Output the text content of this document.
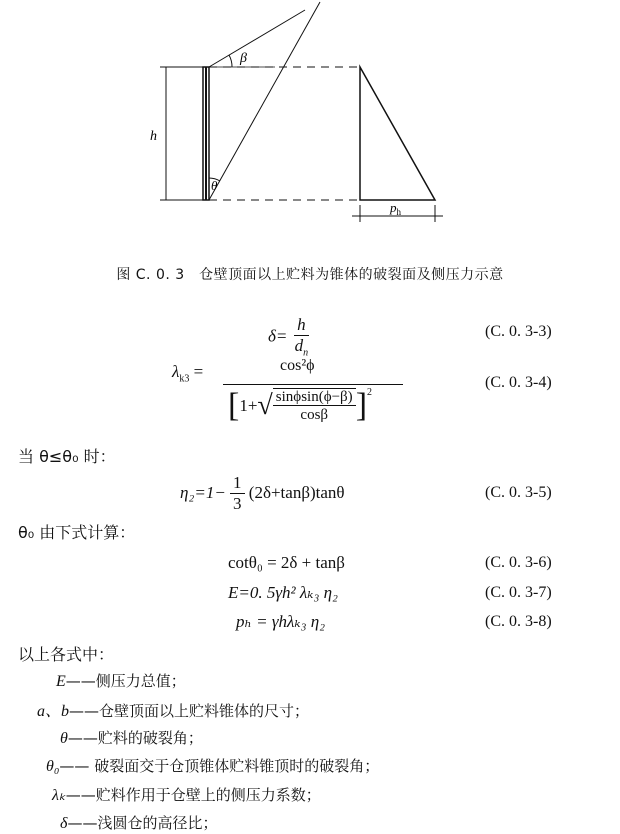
h
β
θ
$p_h$
图 C. 0. 3　仓壁顶面以上贮料为锥体的破裂面及侧压力示意
$\delta= \frac{h}{d_n}$	(C. 0. 3-3)
$\lambda_{k3}$ =	cos²ϕ
$[1+√ \frac{\sin\phi\sin(\phi-\beta)}{\cos\beta} ]^2$
(C. 0. 3-4)
当 θ≤θ₀ 时：
$\eta_2=1- \frac{1}{3} (2\delta+\tan\beta)\tan\theta$	(C. 0. 3-5)
θ₀ 由下式计算：
cotθ₀ = 2δ + tanβ	(C. 0. 3-6)
E=0. 5γh² λₖ₃ η₂	(C. 0. 3-7)
pₕ = γhλₖ₃ η₂	(C. 0. 3-8)
以上各式中：
E——侧压力总值；
a、b——仓壁顶面以上贮料锥体的尺寸；
θ——贮料的破裂角；
θ₀—— 破裂面交于仓顶锥体贮料锥顶时的破裂角；
λₖ——贮料作用于仓壁上的侧压力系数；
δ——浅圆仓的高径比；
